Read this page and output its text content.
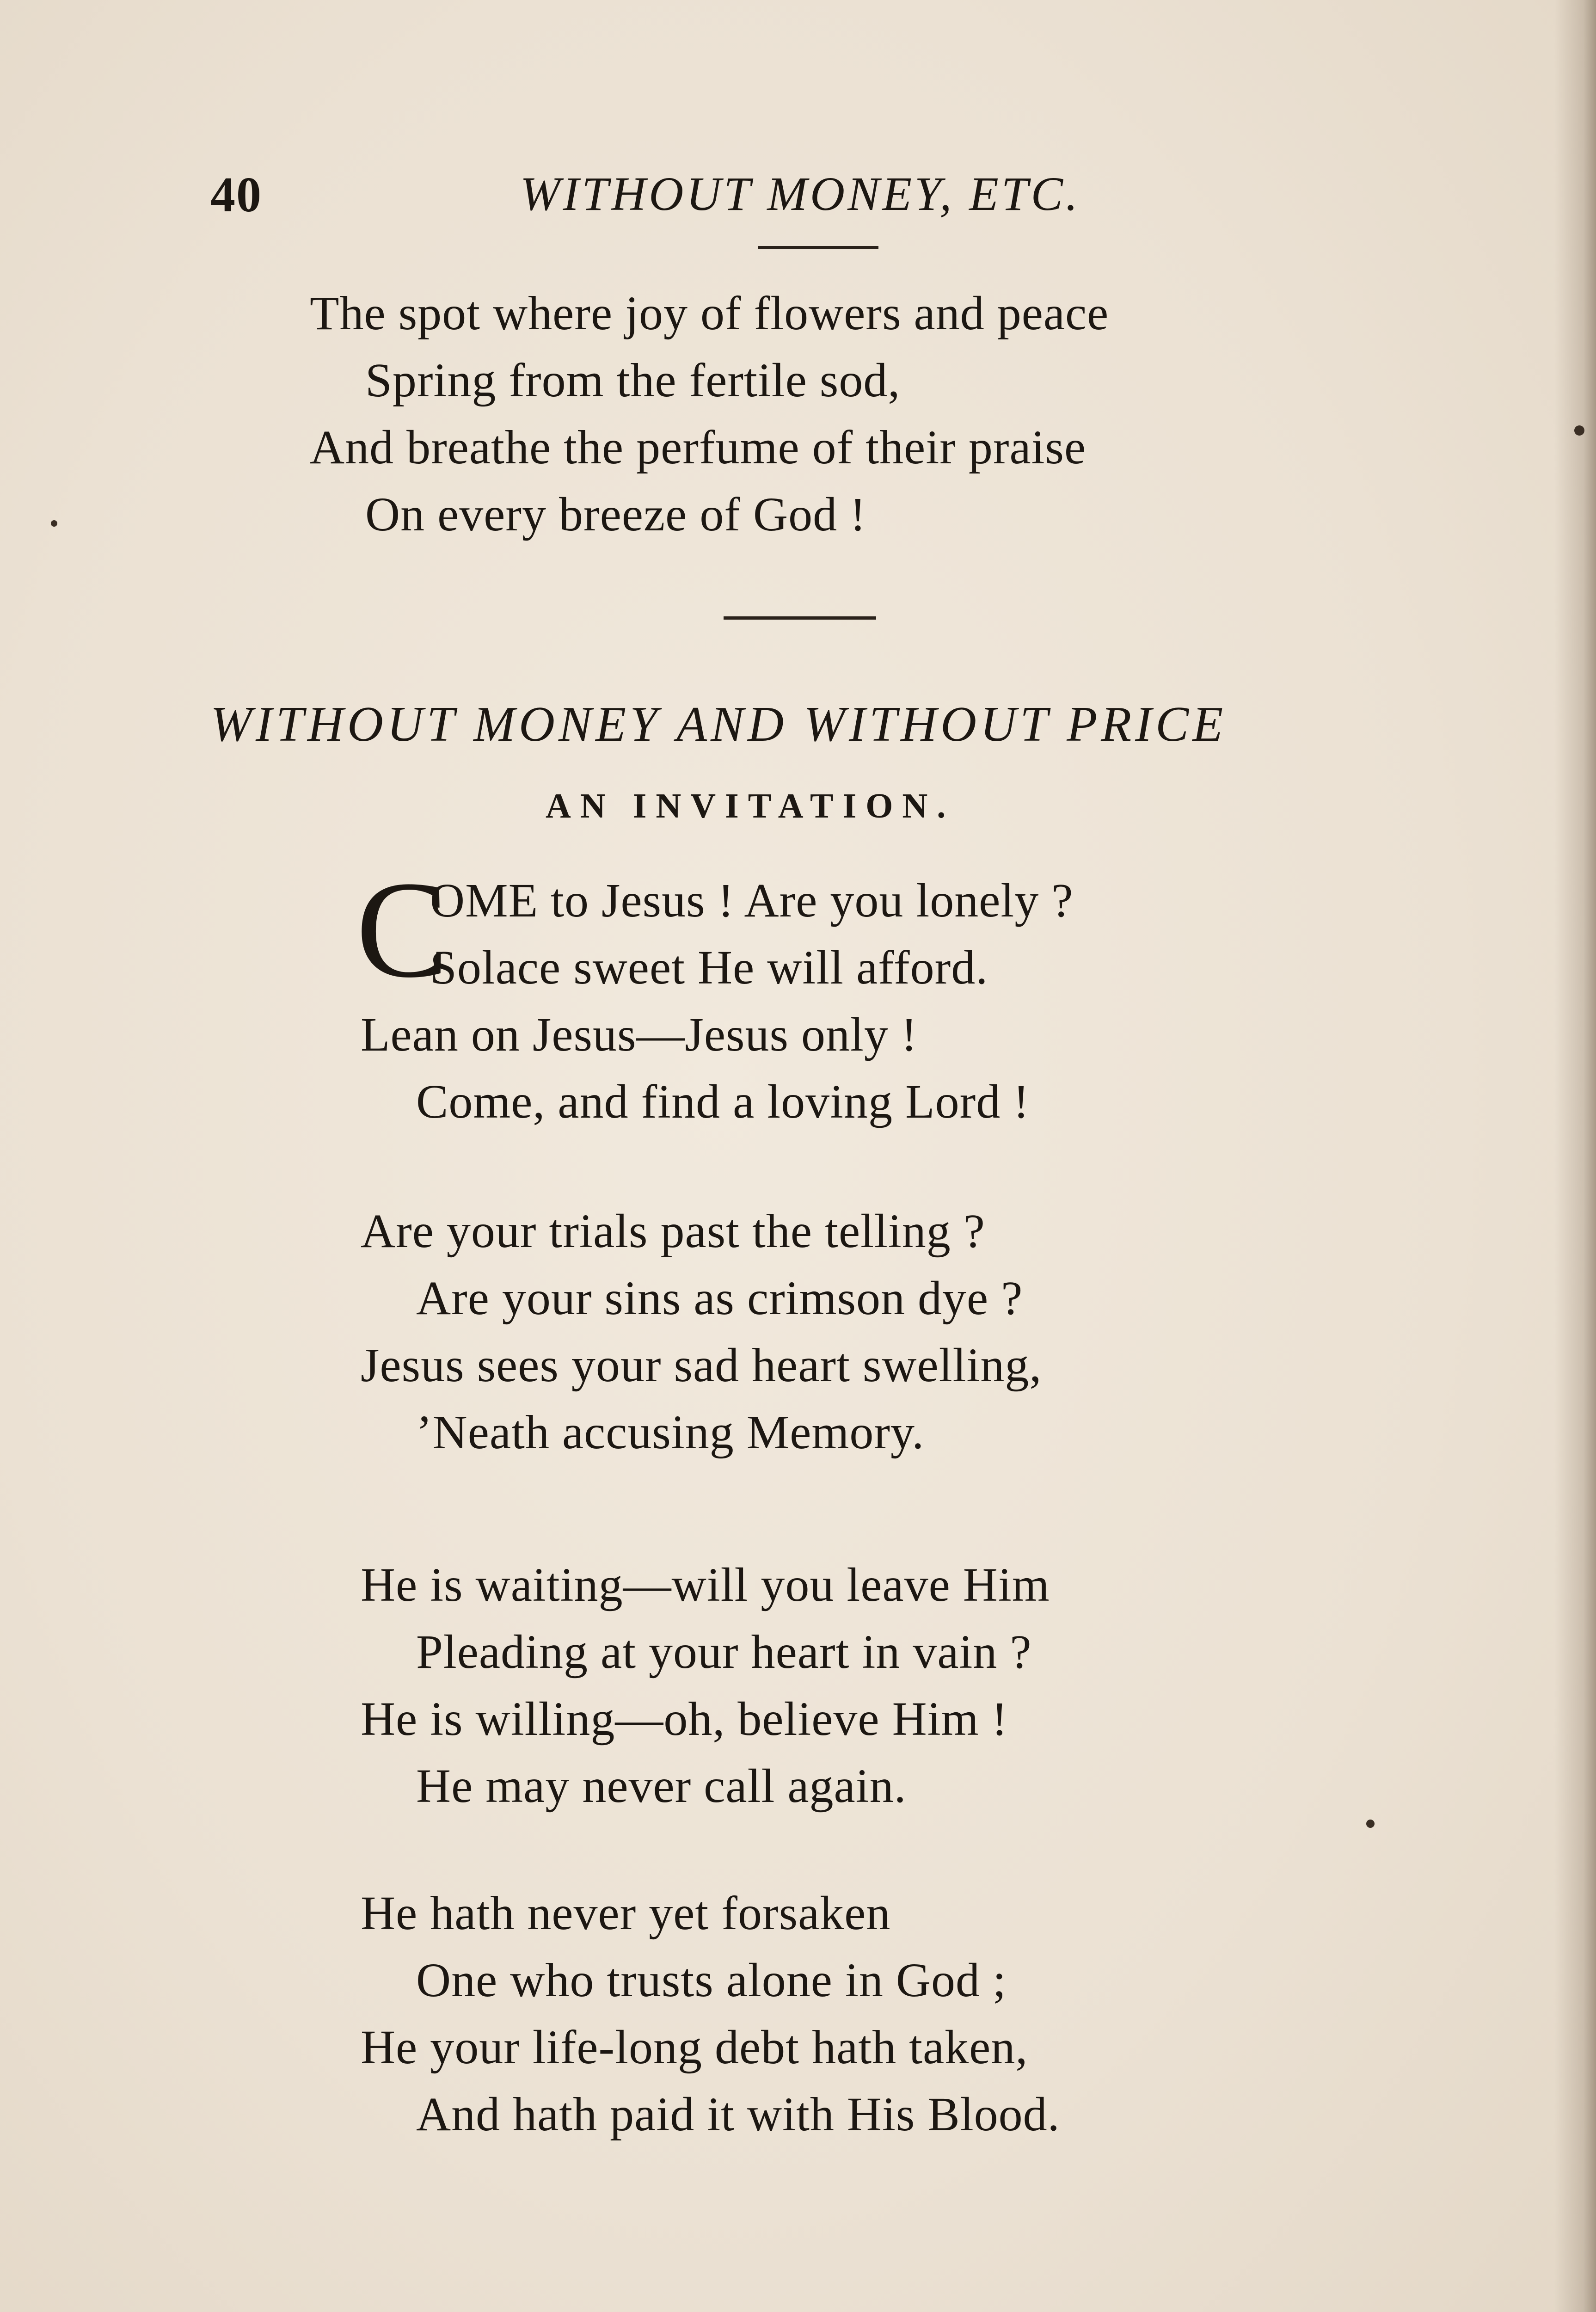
40	WITHOUT MONEY, ETC.
The spot where joy of flowers and peace
Spring from the fertile sod,
And breathe the perfume of their praise
On every breeze of God !
WITHOUT MONEY AND WITHOUT PRICE
AN INVITATION.
C
OME to Jesus ! Are you lonely ?
Solace sweet He will afford.
Lean on Jesus—Jesus only !
Come, and find a loving Lord !
Are your trials past the telling ?
Are your sins as crimson dye ?
Jesus sees your sad heart swelling,
’Neath accusing Memory.
He is waiting—will you leave Him
Pleading at your heart in vain ?
He is willing—oh, believe Him !
He may never call again.
He hath never yet forsaken
One who trusts alone in God ;
He your life-long debt hath taken,
And hath paid it with His Blood.
